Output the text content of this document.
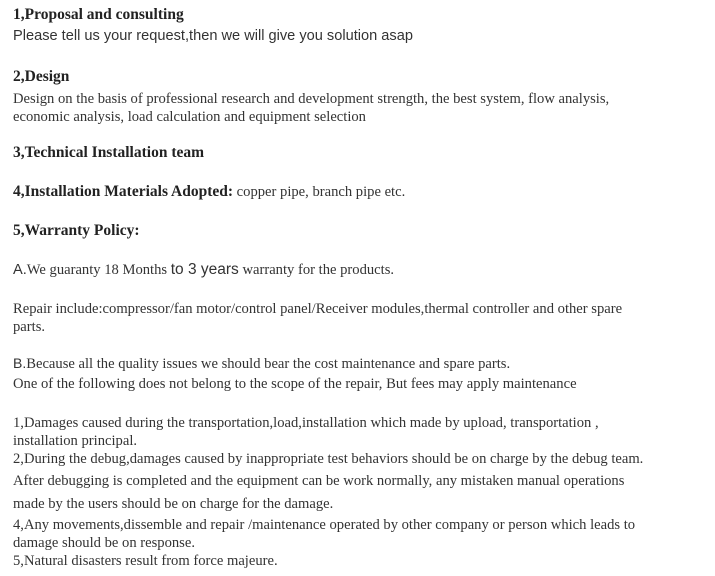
1,Proposal and consulting
Please tell us your request,then we will give you solution asap
2,Design
Design on the basis of professional research and development strength, the best system, flow analysis,
economic analysis, load calculation and equipment selection
3,Technical Installation team
4,Installation Materials Adopted: copper pipe, branch pipe etc.
5,Warranty Policy:
A.We guaranty 18 Months to 3 years warranty for the products.
Repair include:compressor/fan motor/control panel/Receiver modules,thermal controller and other spare
parts.
B.Because all the quality issues we should bear the cost maintenance and spare parts.
One of the following does not belong to the scope of the repair, But fees may apply maintenance
1,Damages caused during the transportation,load,installation which made by upload, transportation ,
installation principal.
2,During the debug,damages caused by inappropriate test behaviors should be on charge by the debug team.
After debugging is completed and the equipment can be work normally, any mistaken manual operations
made by the users should be on charge for the damage.
4,Any movements,dissemble and repair /maintenance operated by other company or person which leads to
damage should be on response.
5,Natural disasters result from force majeure.
